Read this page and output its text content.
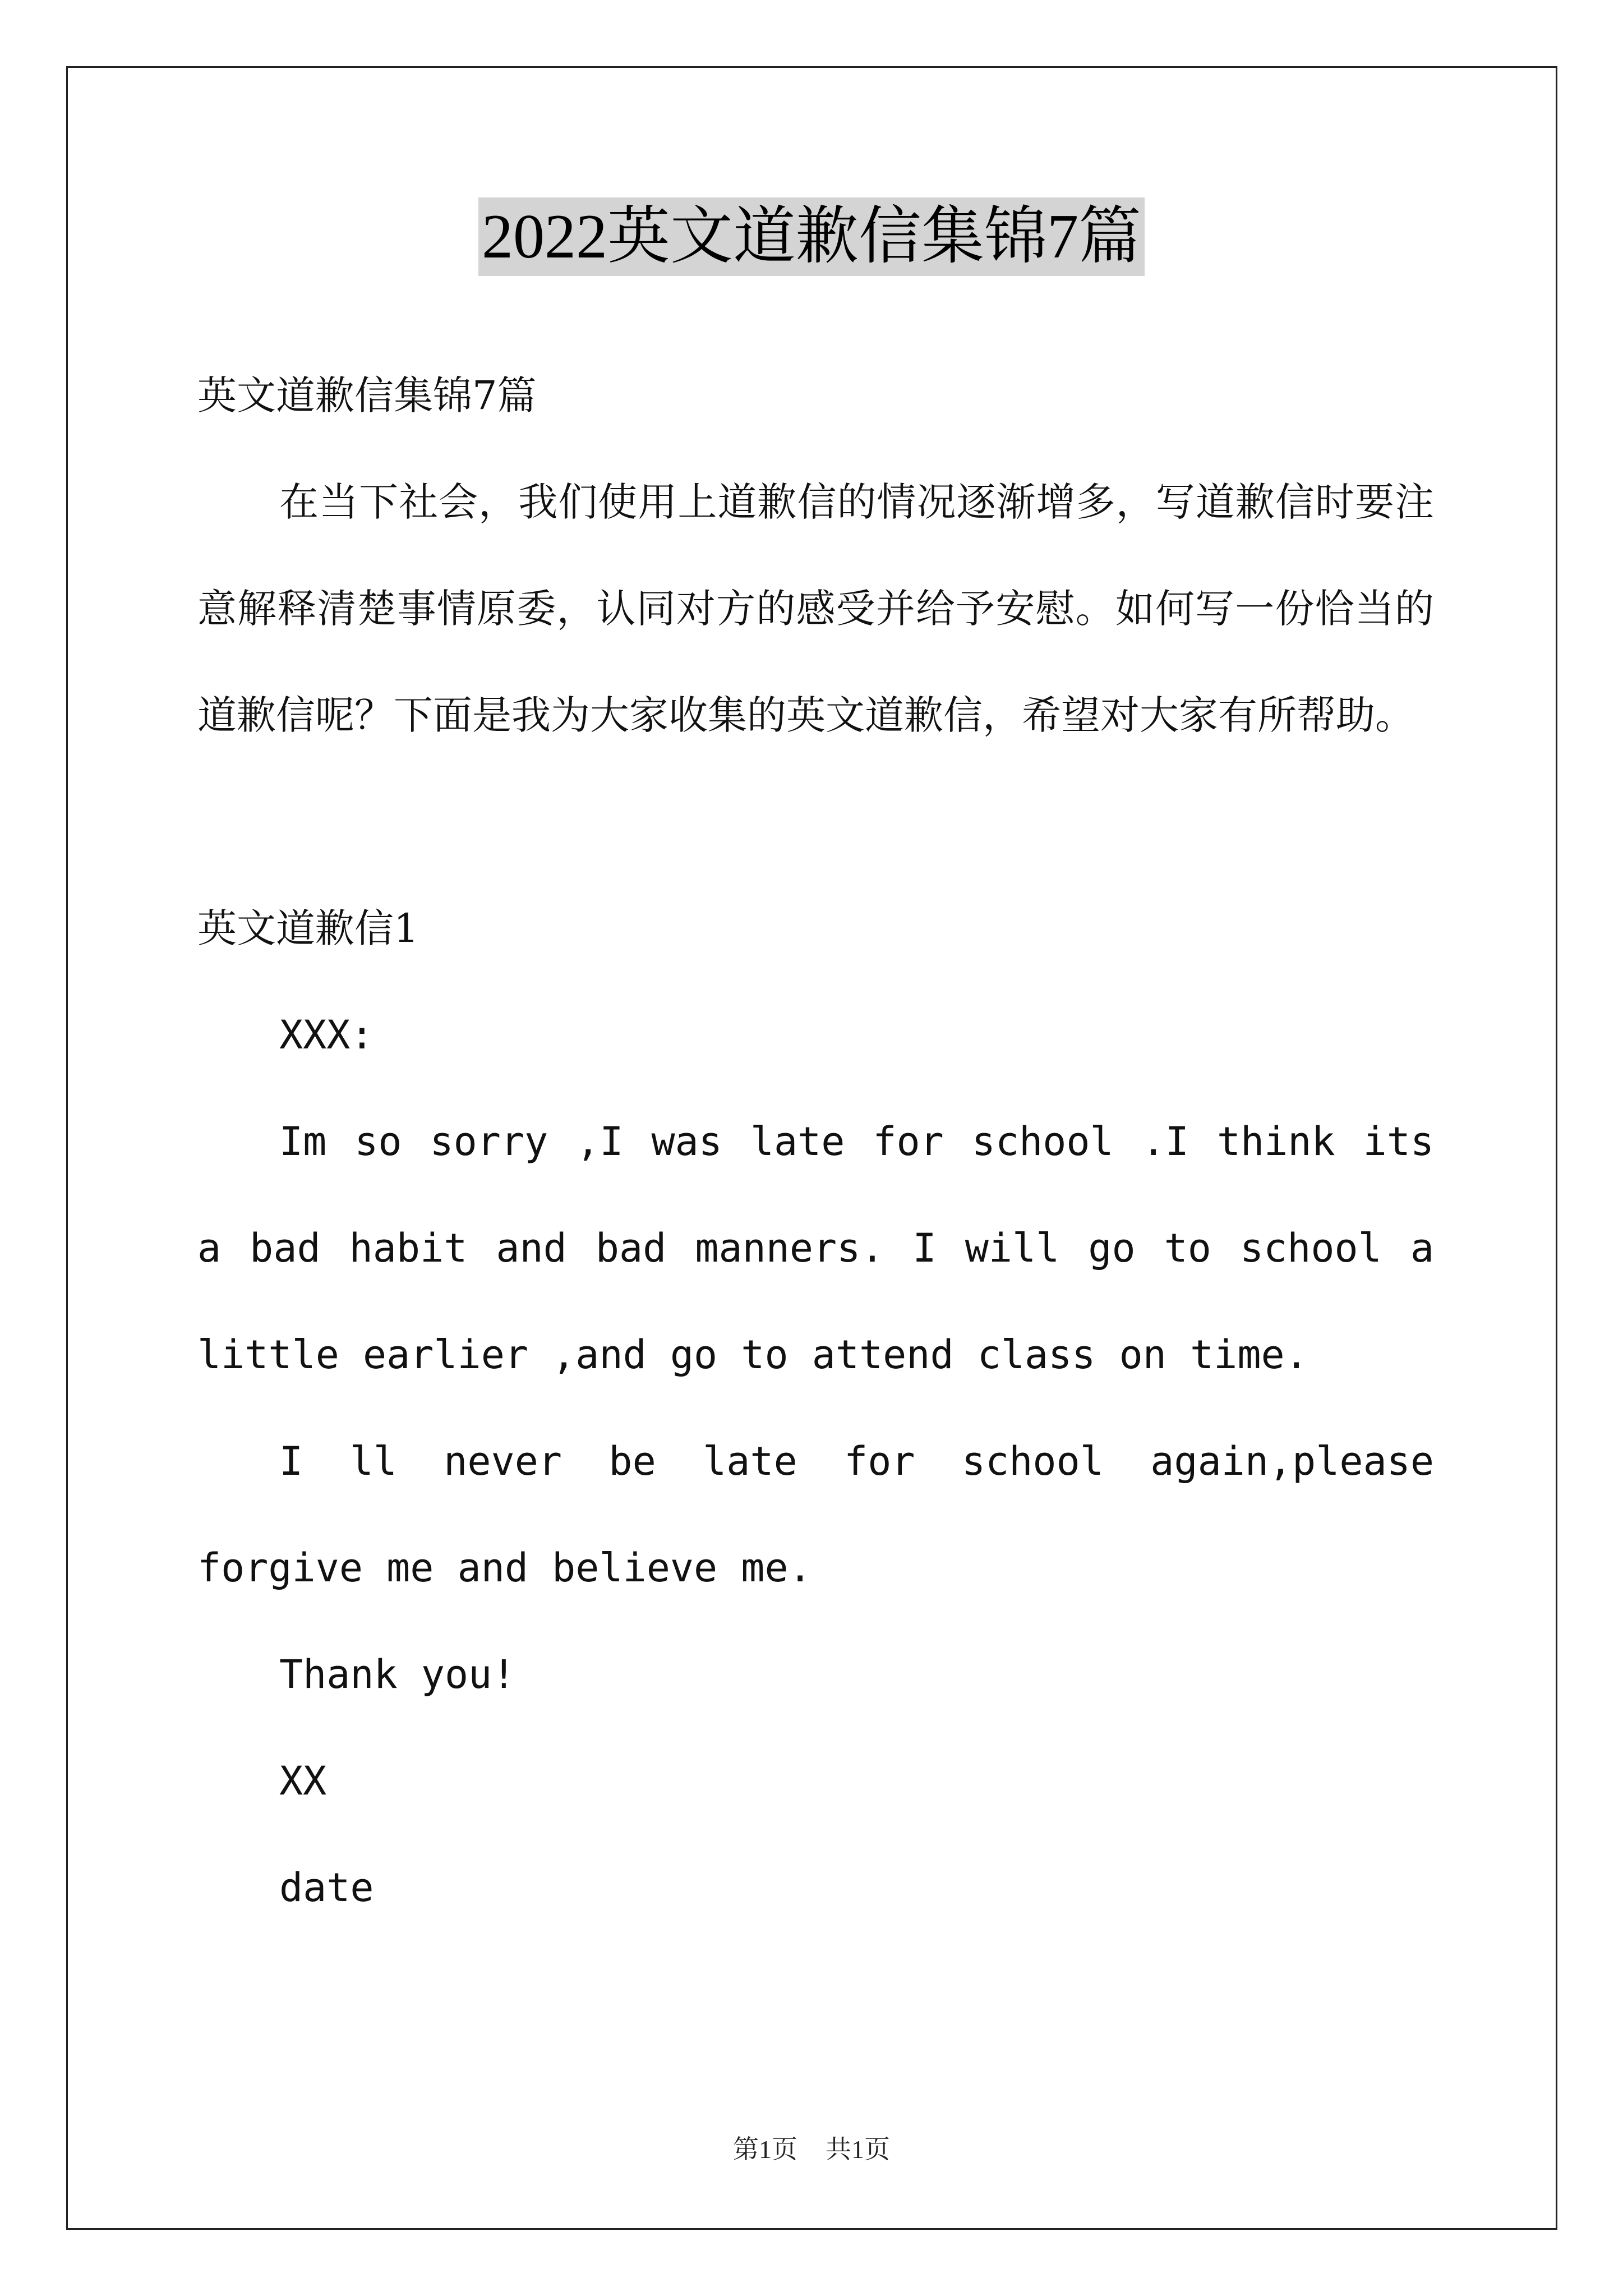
2022英文道歉信集锦7篇
英文道歉信集锦7篇
在当下社会，我们使用上道歉信的情况逐渐增多，写道歉信时要注意解释清楚事情原委，认同对方的感受并给予安慰。如何写一份恰当的道歉信呢？下面是我为大家收集的英文道歉信，希望对大家有所帮助。
英文道歉信1
XXX:
Im so sorry ,I was late for school .I think its a bad habit and bad manners. I will go to school a little earlier ,and go to attend class on time.
I ll never be late for school again,please forgive me and believe me.
Thank you!
XX
date
第1页 共1页
